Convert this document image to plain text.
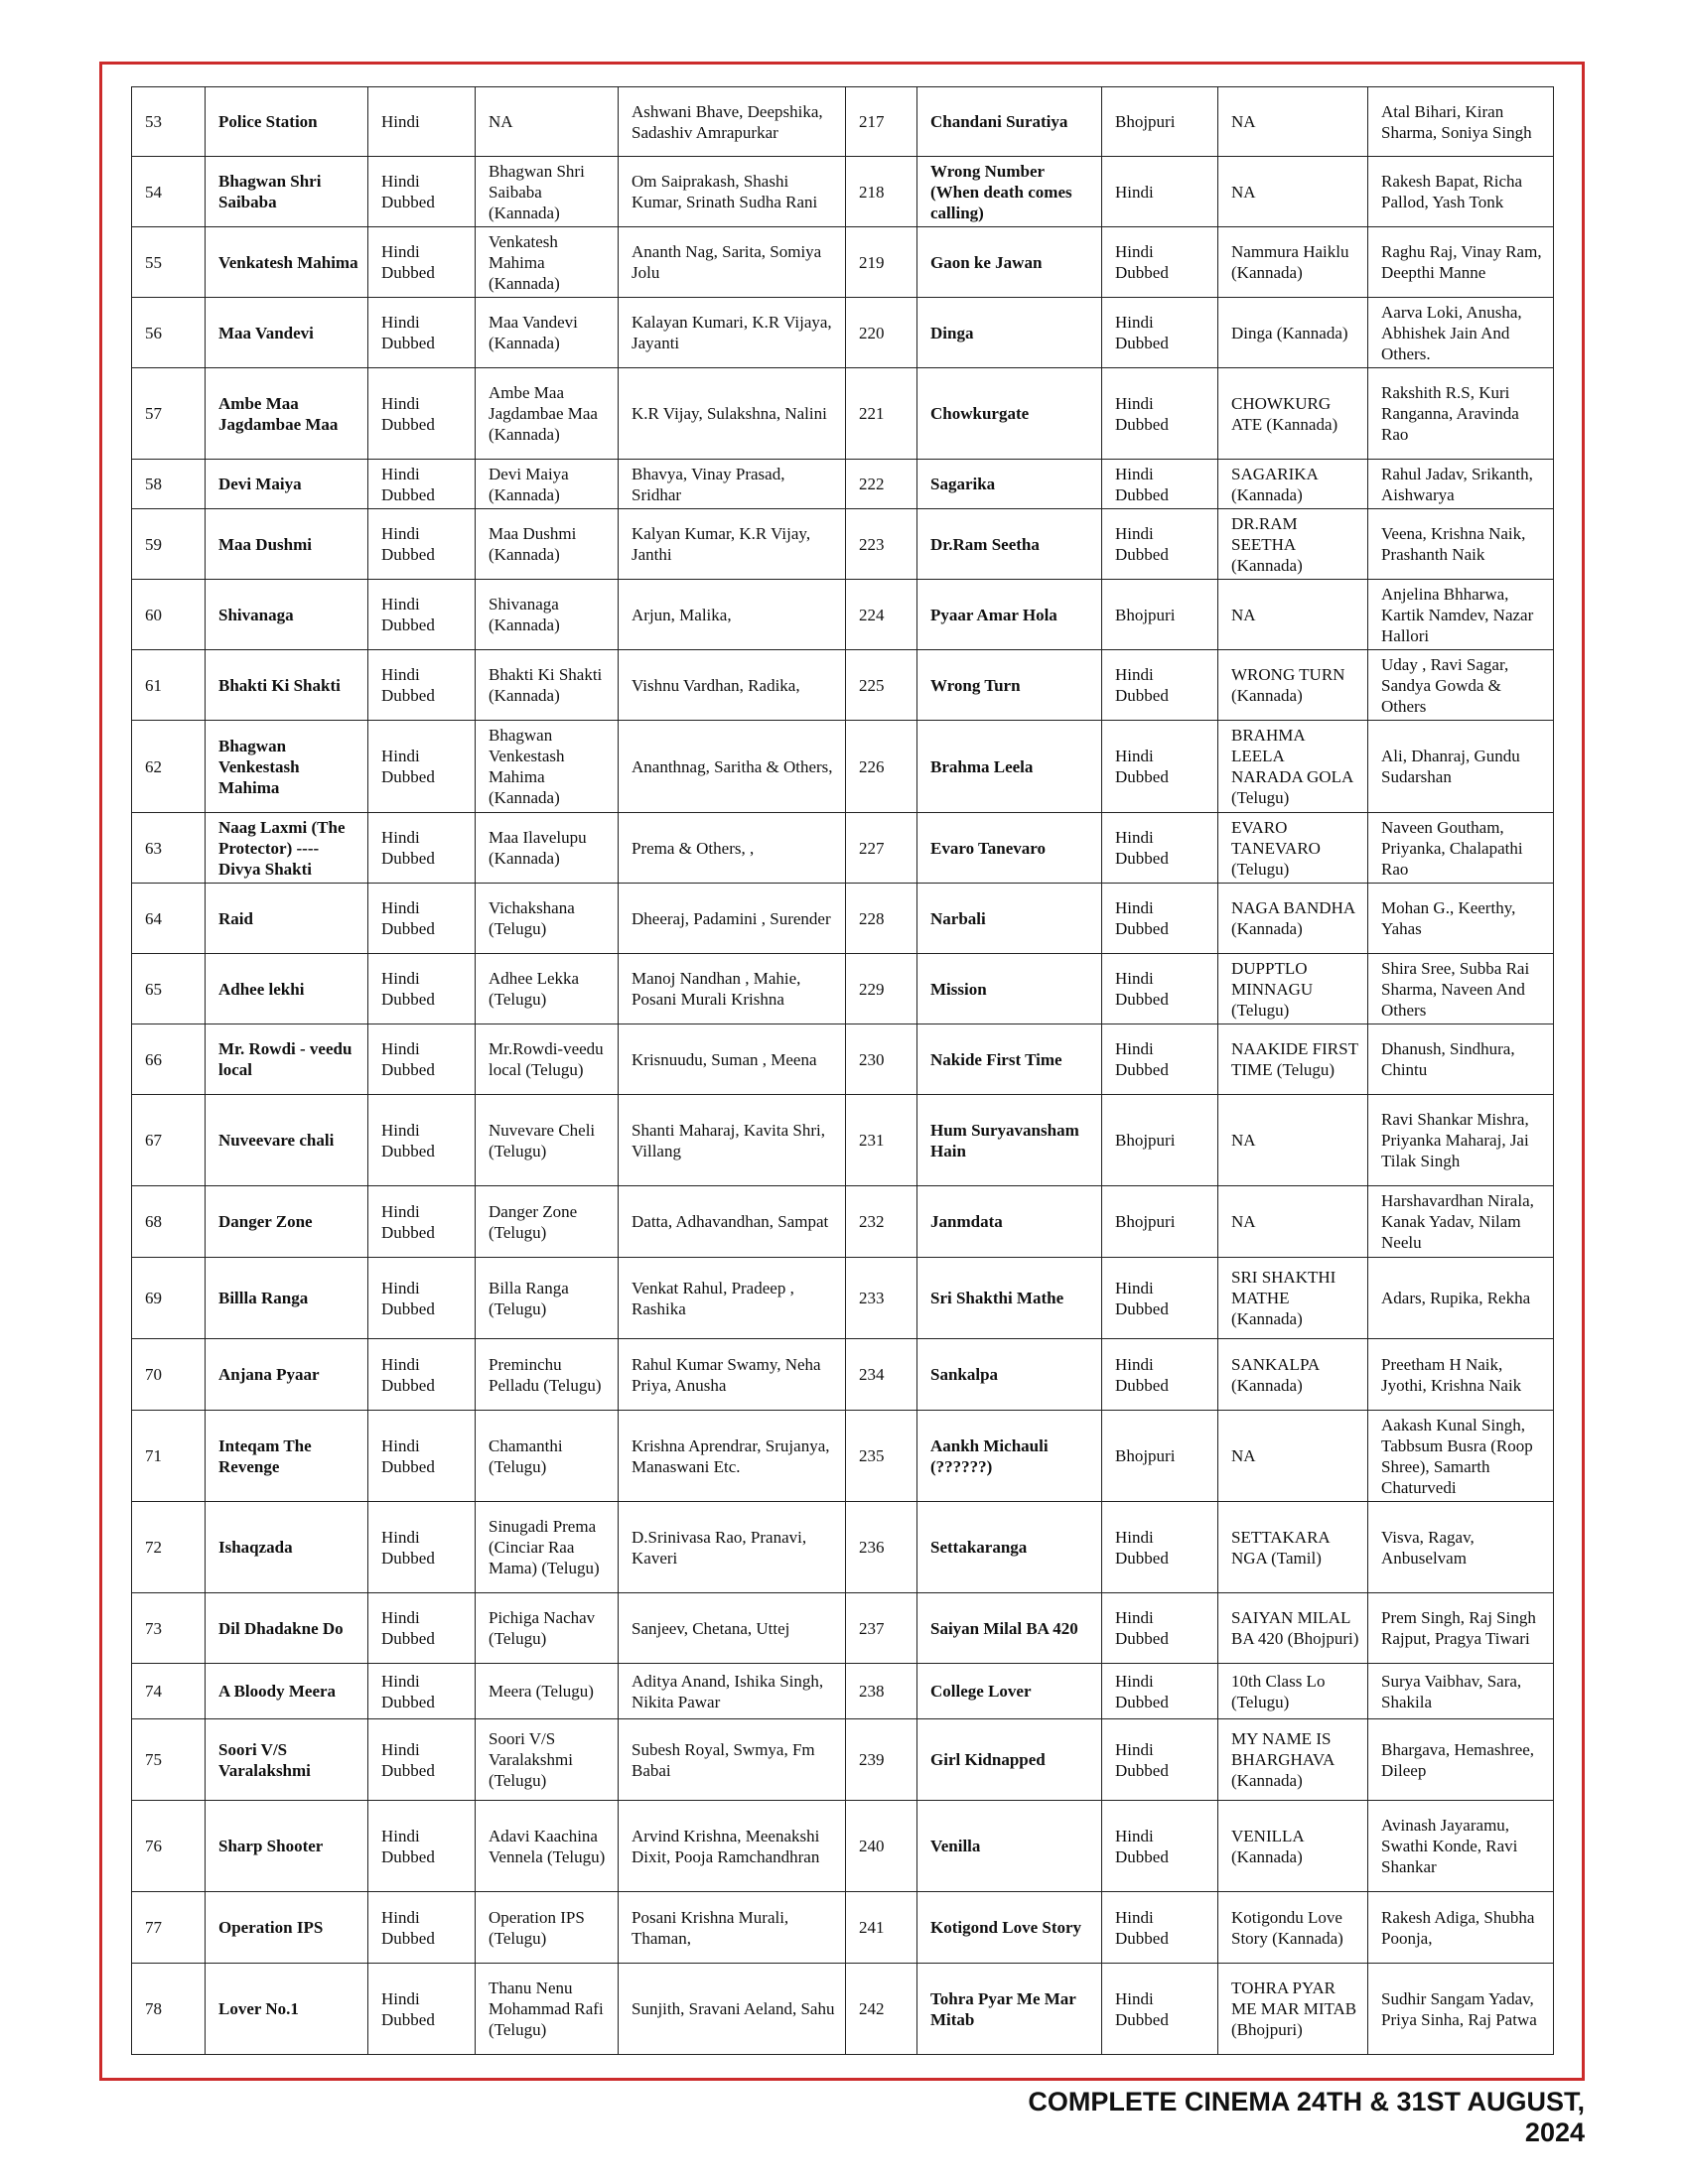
53	Police Station	Hindi	NA	Ashwani Bhave, Deepshika, Sadashiv Amrapurkar	217	Chandani Suratiya	Bhojpuri	NA	Atal Bihari, Kiran Sharma, Soniya Singh
54	Bhagwan Shri Saibaba	Hindi Dubbed	Bhagwan Shri Saibaba (Kannada)	Om Saiprakash, Shashi Kumar, Srinath Sudha Rani	218	Wrong Number (When death comes calling)	Hindi	NA	Rakesh Bapat, Richa Pallod, Yash Tonk
55	Venkatesh Mahima	Hindi Dubbed	Venkatesh Mahima (Kannada)	Ananth Nag, Sarita, Somiya Jolu	219	Gaon ke Jawan	Hindi Dubbed	Nammura Haiklu (Kannada)	Raghu Raj, Vinay Ram, Deepthi Manne
56	Maa Vandevi	Hindi Dubbed	Maa Vandevi (Kannada)	Kalayan Kumari, K.R Vijaya, Jayanti	220	Dinga	Hindi Dubbed	Dinga (Kannada)	Aarva Loki, Anusha, Abhishek Jain And Others.
57	Ambe Maa Jagdambae Maa	Hindi Dubbed	Ambe Maa Jagdambae Maa (Kannada)	K.R Vijay, Sulakshna, Nalini	221	Chowkurgate	Hindi Dubbed	CHOWKURG ATE (Kannada)	Rakshith R.S, Kuri Ranganna, Aravinda Rao
58	Devi Maiya	Hindi Dubbed	Devi Maiya (Kannada)	Bhavya, Vinay Prasad, Sridhar	222	Sagarika	Hindi Dubbed	SAGARIKA (Kannada)	Rahul Jadav, Srikanth, Aishwarya
59	Maa Dushmi	Hindi Dubbed	Maa Dushmi (Kannada)	Kalyan Kumar, K.R Vijay, Janthi	223	Dr.Ram Seetha	Hindi Dubbed	DR.RAM SEETHA (Kannada)	Veena, Krishna Naik, Prashanth Naik
60	Shivanaga	Hindi Dubbed	Shivanaga (Kannada)	Arjun, Malika,	224	Pyaar Amar Hola	Bhojpuri	NA	Anjelina Bhharwa, Kartik Namdev, Nazar Hallori
61	Bhakti Ki Shakti	Hindi Dubbed	Bhakti Ki Shakti (Kannada)	Vishnu Vardhan, Radika,	225	Wrong Turn	Hindi Dubbed	WRONG TURN (Kannada)	Uday , Ravi Sagar, Sandya Gowda & Others
62	Bhagwan Venkestash Mahima	Hindi Dubbed	Bhagwan Venkestash Mahima (Kannada)	Ananthnag, Saritha & Others,	226	Brahma Leela	Hindi Dubbed	BRAHMA LEELA NARADA GOLA (Telugu)	Ali, Dhanraj, Gundu Sudarshan
63	Naag Laxmi (The Protector) ---- Divya Shakti	Hindi Dubbed	Maa Ilavelupu (Kannada)	Prema & Others, ,	227	Evaro Tanevaro	Hindi Dubbed	EVARO TANEVARO (Telugu)	Naveen Goutham, Priyanka, Chalapathi Rao
64	Raid	Hindi Dubbed	Vichakshana (Telugu)	Dheeraj, Padamini , Surender	228	Narbali	Hindi Dubbed	NAGA BANDHA (Kannada)	Mohan G., Keerthy, Yahas
65	Adhee lekhi	Hindi Dubbed	Adhee Lekka (Telugu)	Manoj Nandhan , Mahie, Posani Murali Krishna	229	Mission	Hindi Dubbed	DUPPTLO MINNAGU (Telugu)	Shira Sree, Subba Rai Sharma, Naveen And Others
66	Mr. Rowdi - veedu local	Hindi Dubbed	Mr.Rowdi-veedu local (Telugu)	Krisnuudu, Suman , Meena	230	Nakide First Time	Hindi Dubbed	NAAKIDE FIRST TIME (Telugu)	Dhanush, Sindhura, Chintu
67	Nuveevare chali	Hindi Dubbed	Nuvevare Cheli (Telugu)	Shanti Maharaj, Kavita Shri, Villang	231	Hum Suryavansham Hain	Bhojpuri	NA	Ravi Shankar Mishra, Priyanka Maharaj, Jai Tilak Singh
68	Danger Zone	Hindi Dubbed	Danger Zone (Telugu)	Datta, Adhavandhan, Sampat	232	Janmdata	Bhojpuri	NA	Harshavardhan Nirala, Kanak Yadav, Nilam Neelu
69	Billla Ranga	Hindi Dubbed	Billa Ranga (Telugu)	Venkat Rahul, Pradeep , Rashika	233	Sri Shakthi Mathe	Hindi Dubbed	SRI SHAKTHI MATHE (Kannada)	Adars, Rupika, Rekha
70	Anjana Pyaar	Hindi Dubbed	Preminchu Pelladu (Telugu)	Rahul Kumar Swamy, Neha Priya, Anusha	234	Sankalpa	Hindi Dubbed	SANKALPA (Kannada)	Preetham H Naik, Jyothi, Krishna Naik
71	Inteqam The Revenge	Hindi Dubbed	Chamanthi (Telugu)	Krishna Aprendrar, Srujanya, Manaswani Etc.	235	Aankh Michauli (??????)	Bhojpuri	NA	Aakash Kunal Singh, Tabbsum Busra (Roop Shree), Samarth Chaturvedi
72	Ishaqzada	Hindi Dubbed	Sinugadi Prema (Cinciar Raa Mama) (Telugu)	D.Srinivasa Rao, Pranavi, Kaveri	236	Settakaranga	Hindi Dubbed	SETTAKARA NGA (Tamil)	Visva, Ragav, Anbuselvam
73	Dil Dhadakne Do	Hindi Dubbed	Pichiga Nachav (Telugu)	Sanjeev, Chetana, Uttej	237	Saiyan Milal BA 420	Hindi Dubbed	SAIYAN MILAL BA 420 (Bhojpuri)	Prem Singh, Raj Singh Rajput, Pragya Tiwari
74	A Bloody Meera	Hindi Dubbed	Meera (Telugu)	Aditya Anand, Ishika Singh, Nikita Pawar	238	College Lover	Hindi Dubbed	10th Class Lo (Telugu)	Surya Vaibhav, Sara, Shakila
75	Soori V/S Varalakshmi	Hindi Dubbed	Soori V/S Varalakshmi (Telugu)	Subesh Royal, Swmya, Fm Babai	239	Girl Kidnapped	Hindi Dubbed	MY NAME IS BHARGHAVA (Kannada)	Bhargava, Hemashree, Dileep
76	Sharp Shooter	Hindi Dubbed	Adavi Kaachina Vennela (Telugu)	Arvind Krishna, Meenakshi Dixit, Pooja Ramchandhran	240	Venilla	Hindi Dubbed	VENILLA (Kannada)	Avinash Jayaramu, Swathi Konde, Ravi Shankar
77	Operation IPS	Hindi Dubbed	Operation IPS (Telugu)	Posani Krishna Murali, Thaman,	241	Kotigond Love Story	Hindi Dubbed	Kotigondu Love Story (Kannada)	Rakesh Adiga, Shubha Poonja,
78	Lover No.1	Hindi Dubbed	Thanu Nenu Mohammad Rafi (Telugu)	Sunjith, Sravani Aeland, Sahu	242	Tohra Pyar Me Mar Mitab	Hindi Dubbed	TOHRA PYAR ME MAR MITAB (Bhojpuri)	Sudhir Sangam Yadav, Priya Sinha, Raj Patwa
COMPLETE CINEMA 24TH & 31ST AUGUST, 2024
